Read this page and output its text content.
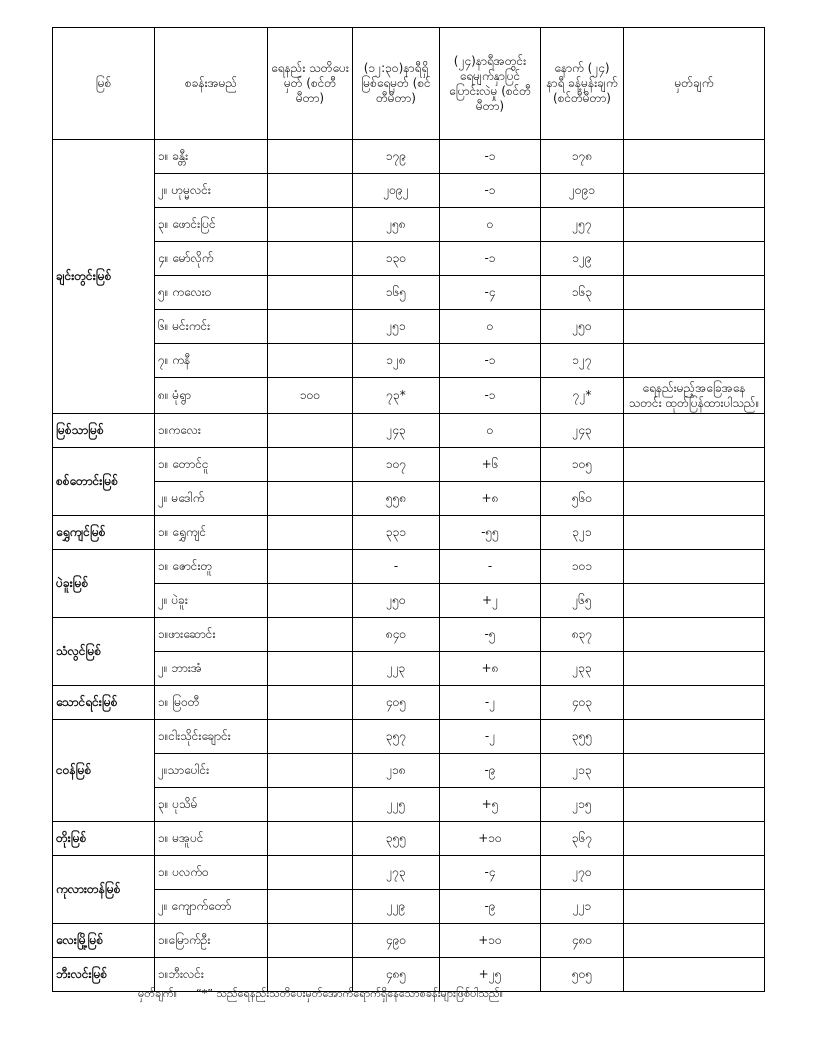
မြစ်	စခန်းအမည်	ရေနည်း သတိပေးမှတ် (စင်တီမီတာ)	(၁၂:၃၀)နာရီရှိ မြစ်ရေမှတ် (စင်တီမီတာ)	(၂၄)နာရီအတွင်း ရေမျက်နှာပြင် ပြောင်းလဲမှု (စင်တီမီတာ)	နောက် (၂၄) နာရီ ခန့်မှန်းချက် (စင်တီမီတာ)	မှတ်ချက်
ချင်းတွင်းမြစ်	၁။ ခန္တီး		၁၇၉	-၁	၁၇၈	
	၂။ ဟုမ္မလင်း		၂၀၉၂	-၁	၂၀၉၁	
	၃။ ဖောင်းပြင်		၂၅၈	၀	၂၅၇	
	၄။ မော်လိုက်		၁၃၀	-၁	၁၂၉	
	၅။ ကလေးဝ		၁၆၅	-၄	၁၆၃	
	၆။ မင်းကင်း		၂၅၁	၀	၂၅၀	
	၇။ ကနီ		၁၂၈	-၁	၁၂၇	
	၈။ မုံရွာ	၁၀၀	၇၃*	-၁	၇၂*	ရေနည်းမည့်အခြေအနေသတင်း ထုတ်ပြန်ထားပါသည်။
မြစ်သာမြစ်	၁။ကလေး		၂၄၃	၀	၂၄၃	
စစ်တောင်းမြစ်	၁။ တောင်ငူ		၁၀၇	+၆	၁၀၅	
	၂။ မဒေါက်		၅၅၈	+၈	၅၆၀	
ရွှေကျင်မြစ်	၁။ ရွှေကျင်		၃၃၁	-၅၅	၃၂၁	
ပဲခူးမြစ်	၁။ ဇောင်းတူ		-	-	၁၀၁	
	၂။ ပဲခူး		၂၅၀	+၂	၂၆၅	
သံလွင်မြစ်	၁။ဖားဆောင်း		၈၄၀	-၅	၈၃၇	
	၂။ ဘားအံ		၂၂၃	+၈	၂၃၃	
သောင်ရင်းမြစ်	၁။ မြဝတီ		၄၀၅	-၂	၄၀၃	
ငဝန်မြစ်	၁။ငါးသိုင်းချောင်း		၃၅၇	-၂	၃၅၅	
	၂။သာပေါင်း		၂၁၈	-၉	၂၁၃	
	၃။ ပုသိမ်		၂၂၅	+၅	၂၁၅	
တိုးမြစ်	၁။ မအူပင်		၃၅၅	+၁၀	၃၆၇	
ကုလားတန်မြစ်	၁။ ပလက်ဝ		၂၇၃	-၄	၂၇၀	
	၂။ ကျောက်တော်		၂၂၉	-၉	၂၂၁	
လေးမြို့မြစ်	၁။မြောက်ဦး		၄၉၀	+၁၀	၄၈၀	
ဘီးလင်းမြစ်	၁။ဘီးလင်း		၄၈၅	+၂၅	၅၀၅	
မှတ်ချက်။ “*” သည်ရေနည်းသတိပေးမှတ်အောက်ရောက်ရှိနေသောစခန်းများဖြစ်ပါသည်။
